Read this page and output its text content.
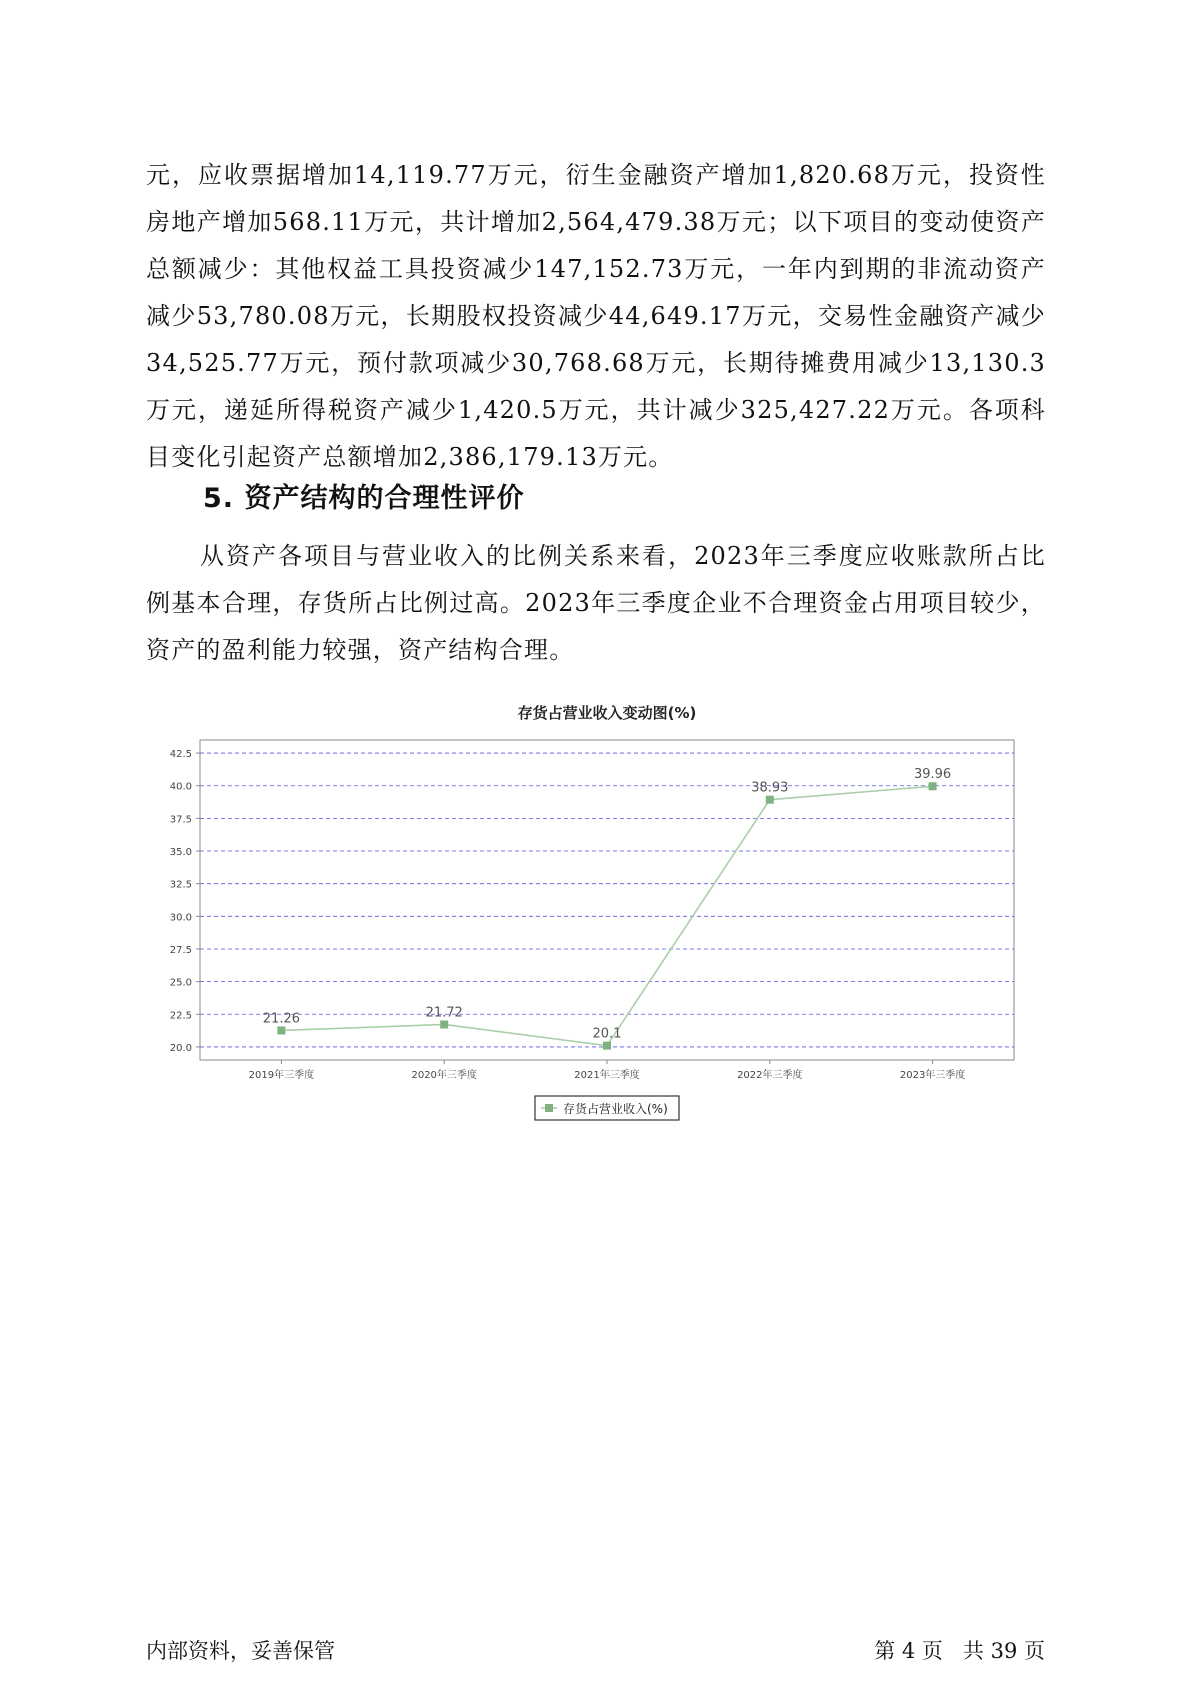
元，应收票据增加14,119.77万元，衍生金融资产增加1,820.68万元，投资性房地产增加568.11万元，共计增加2,564,479.38万元；以下项目的变动使资产总额减少：其他权益工具投资减少147,152.73万元，一年内到期的非流动资产减少53,780.08万元，长期股权投资减少44,649.17万元，交易性金融资产减少34,525.77万元，预付款项减少30,768.68万元，长期待摊费用减少13,130.3万元，递延所得税资产减少1,420.5万元，共计减少325,427.22万元。各项科目变化引起资产总额增加2,386,179.13万元。

5. 资产结构的合理性评价

从资产各项目与营业收入的比例关系来看，2023年三季度应收账款所占比例基本合理，存货所占比例过高。2023年三季度企业不合理资金占用项目较少，资产的盈利能力较强，资产结构合理。

存货占营业收入变动图(%)
20.0
22.5
25.0
27.5
30.0
32.5
35.0
37.5
40.0
42.5
2019年三季度	2020年三季度	2021年三季度	2022年三季度	2023年三季度
21.26	21.72
20.1
38.93
39.96
存货占营业收入(%)

内部资料，妥善保管	第 4 页   共 39 页
